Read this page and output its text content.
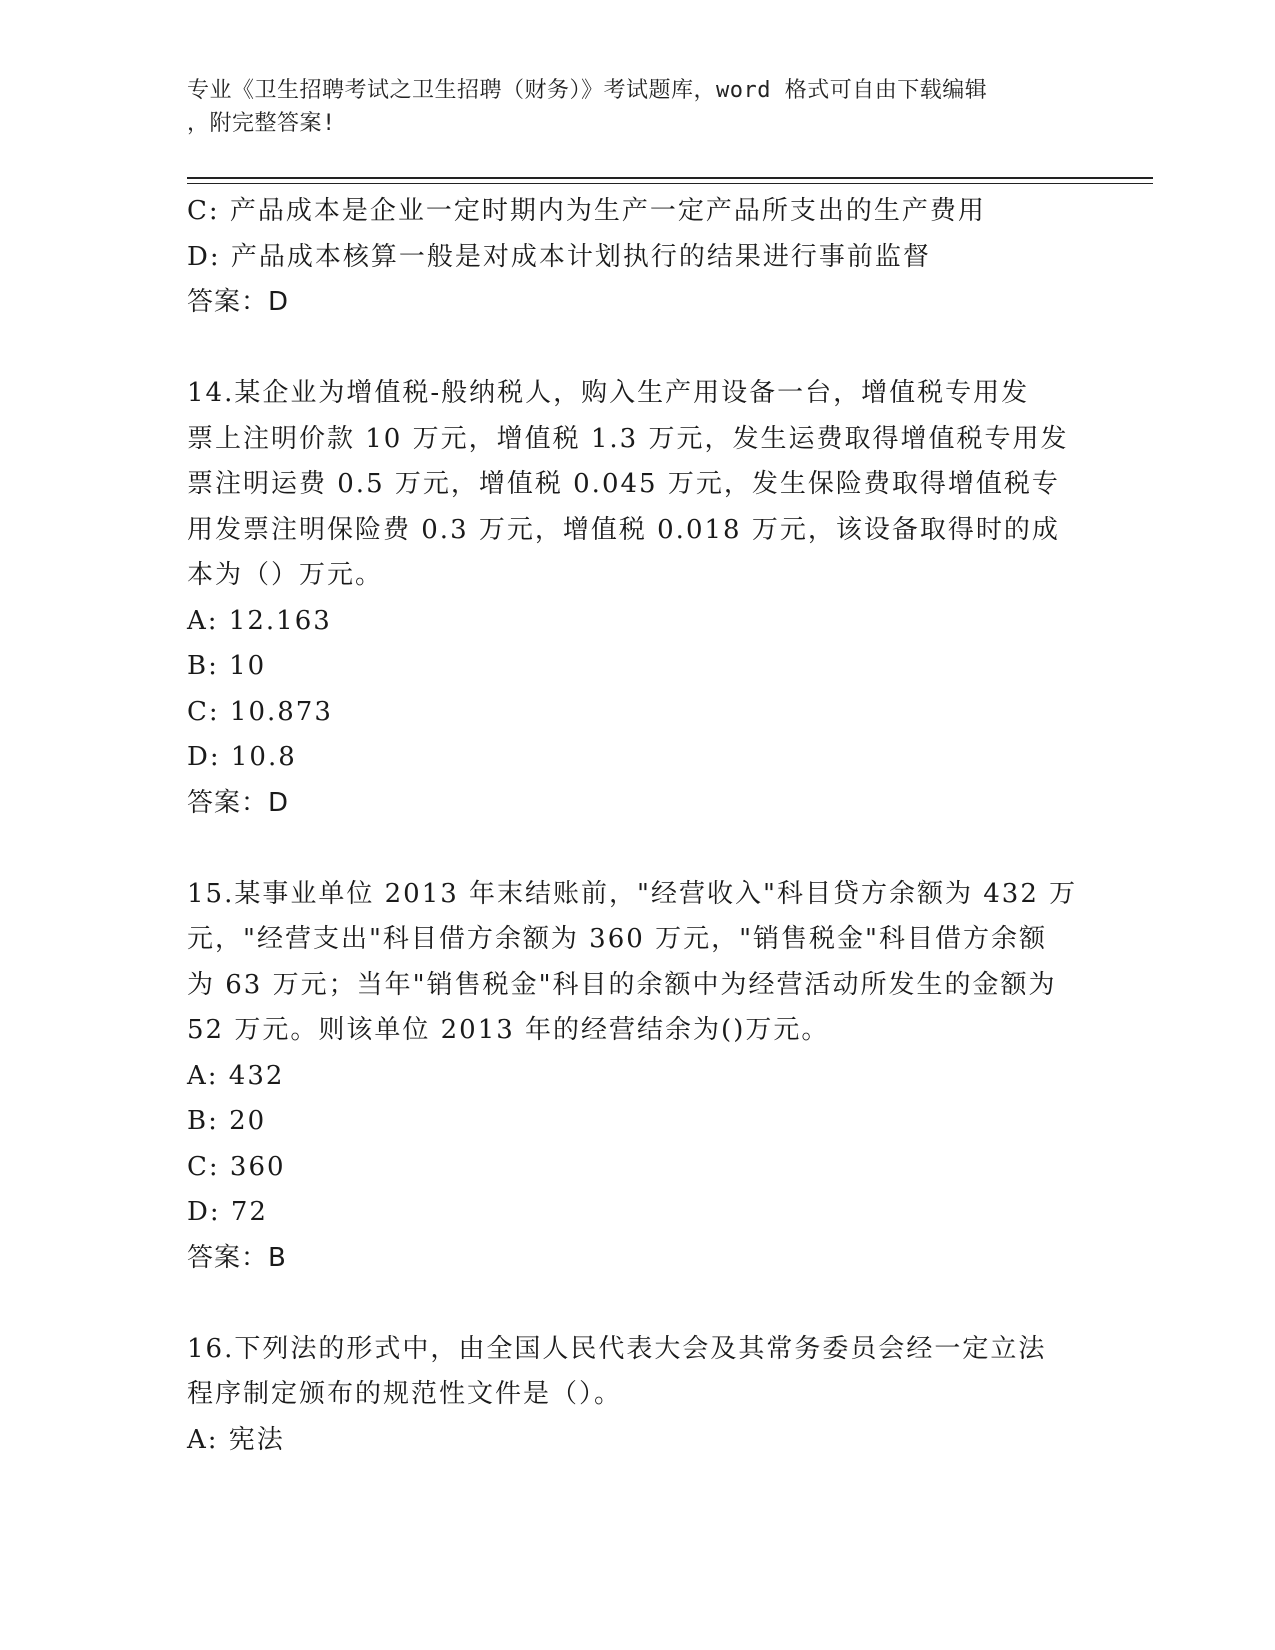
专业《卫生招聘考试之卫生招聘（财务）》考试题库，word 格式可自由下载编辑
，附完整答案!
C: 产品成本是企业一定时期内为生产一定产品所支出的生产费用
D: 产品成本核算一般是对成本计划执行的结果进行事前监督
答案：D
14.某企业为增值税-般纳税人，购入生产用设备一台，增值税专用发
票上注明价款 10 万元，增值税 1.3 万元，发生运费取得增值税专用发
票注明运费 0.5 万元，增值税 0.045 万元，发生保险费取得增值税专
用发票注明保险费 0.3 万元，增值税 0.018 万元，该设备取得时的成
本为（）万元。
A: 12.163
B: 10
C: 10.873
D: 10.8
答案：D
15.某事业单位 2013 年末结账前，"经营收入"科目贷方余额为 432 万
元，"经营支出"科目借方余额为 360 万元，"销售税金"科目借方余额
为 63 万元；当年"销售税金"科目的余额中为经营活动所发生的金额为
52 万元。则该单位 2013 年的经营结余为()万元。
A: 432
B: 20
C: 360
D: 72
答案：B
16.下列法的形式中，由全国人民代表大会及其常务委员会经一定立法
程序制定颁布的规范性文件是（）。
A: 宪法
